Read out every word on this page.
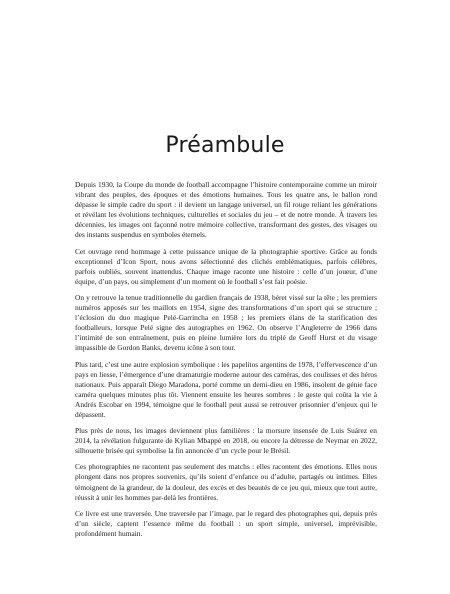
Préambule

Depuis 1930, la Coupe du monde de football accompagne l’histoire contemporaine comme un miroir vibrant des peuples, des époques et des émotions humaines. Tous les quatre ans, le ballon rond dépasse le simple cadre du sport : il devient un langage universel, un fil rouge reliant les générations et révélant les évolutions techniques, culturelles et sociales du jeu – et de notre monde. À travers les décennies, les images ont façonné notre mémoire collective, transformant des gestes, des visages ou des instants suspendus en symboles éternels.

Cet ouvrage rend hommage à cette puissance unique de la photographie sportive. Grâce au fonds exceptionnel d’Icon Sport, nous avons sélectionné des clichés emblématiques, parfois célèbres, parfois oubliés, souvent inattendus. Chaque image raconte une histoire : celle d’un joueur, d’une équipe, d’un pays, ou simplement d’un moment où le football s’est fait poésie.

On y retrouve la tenue traditionnelle du gardien français de 1938, béret vissé sur la tête ; les premiers numéros apposés sur les maillots en 1954, signe des transformations d’un sport qui se structure ; l’éclosion du duo magique Pelé-Garrincha en 1958 ; les premiers élans de la starification des footballeurs, lorsque Pelé signe des autographes en 1962. On observe l’Angleterre de 1966 dans l’intimité de son entraînement, puis en pleine lumière lors du triplé de Geoff Hurst et du visage impassible de Gordon Banks, devenu icône à son tour.

Plus tard, c’est une autre explosion symbolique : les papelitos argentins de 1978, l’effervescence d’un pays en liesse, l’émergence d’une dramaturgie moderne autour des caméras, des coulisses et des héros nationaux. Puis apparaît Diego Maradona, porté comme un demi-dieu en 1986, insolent de génie face caméra quelques minutes plus tôt. Viennent ensuite les heures sombres : le geste qui coûta la vie à Andrés Escobar en 1994, témoigne que le football peut aussi se retrouver prisonnier d’enjeux qui le dépassent.

Plus près de nous, les images deviennent plus familières : la morsure insensée de Luis Suárez en 2014, la révélation fulgurante de Kylian Mbappé en 2018, ou encore la détresse de Neymar en 2022, silhouette brisée qui symbolise la fin annoncée d’un cycle pour le Brésil.

Ces photographies ne racontent pas seulement des matchs : elles racontent des émotions. Elles nous plongent dans nos propres souvenirs, qu’ils soient d’enfance ou d’adulte, partagés ou intimes. Elles témoignent de la grandeur, de la douleur, des excès et des beautés de ce jeu qui, mieux que tout autre, réussit à unir les hommes par-delà les frontières.

Ce livre est une traversée. Une traversée par l’image, par le regard des photographes qui, depuis près d’un siècle, captent l’essence même du football : un sport simple, universel, imprévisible, profondément humain.
